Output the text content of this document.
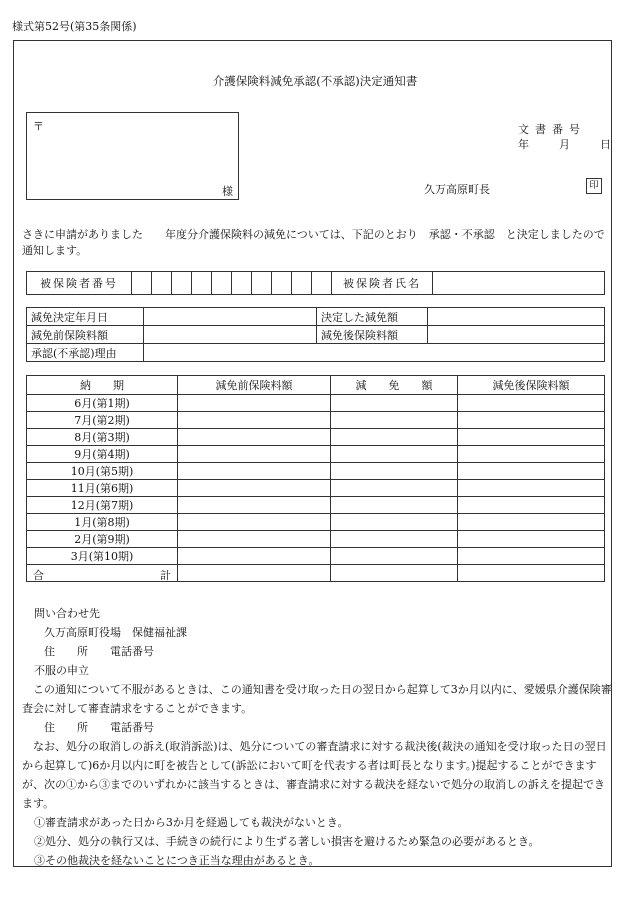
様式第52号(第35条関係)
介護保険料減免承認(不承認)決定通知書
〒
様
文書番号
年	月	日
久万高原町長	印
さきに申請がありました　　年度分介護保険料の減免については、下記のとおり　承認・不承認　と決定しましたので通知します。
被保険者番号											被保険者氏名	
減免決定年月日		決定した減免額	
減免前保険料額		減免後保険料額	
承認(不承認)理由			
納　　期	減免前保険料額	減　　免　　額	減免後保険料額
6月(第1期)			
7月(第2期)			
8月(第3期)			
9月(第4期)			
10月(第5期)			
11月(第6期)			
12月(第7期)			
1月(第8期)			
2月(第9期)			
3月(第10期)			

合 計			

問い合わせ先
久万高原町役場　保健福祉課
住　　所　　電話番号
不服の申立
この通知について不服があるときは、この通知書を受け取った日の翌日から起算して3か月以内に、愛媛県介護保険審査会に対して審査請求をすることができます。
住　　所　　電話番号
なお、処分の取消しの訴え(取消訴訟)は、処分についての審査請求に対する裁決後(裁決の通知を受け取った日の翌日から起算して)6か月以内に町を被告として(訴訟において町を代表する者は町長となります。)提起することができますが、次の①から③までのいずれかに該当するときは、審査請求に対する裁決を経ないで処分の取消しの訴えを提起できます。
①審査請求があった日から3か月を経過しても裁決がないとき。
②処分、処分の執行又は、手続きの続行により生ずる著しい損害を避けるため緊急の必要があるとき。
③その他裁決を経ないことにつき正当な理由があるとき。
